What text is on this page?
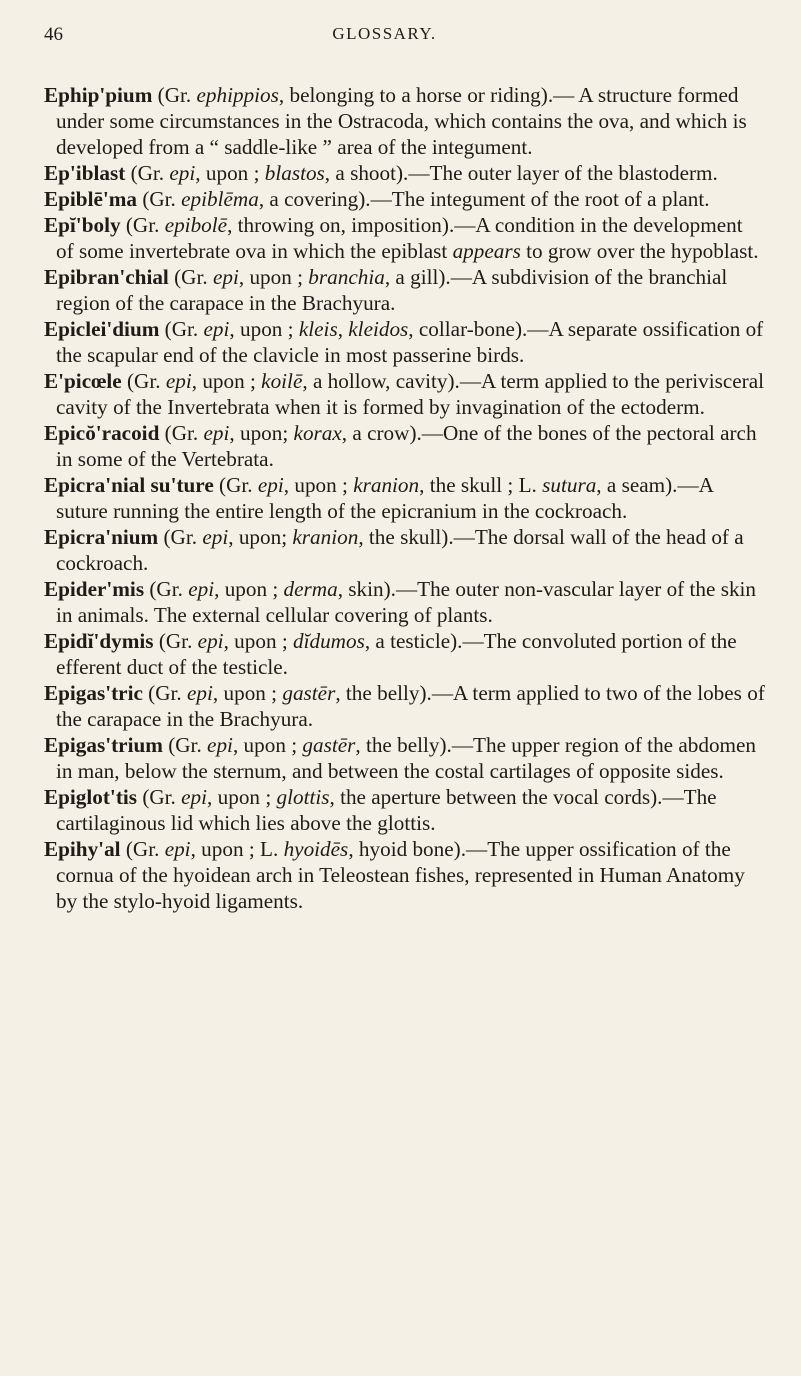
46	GLOSSARY.

Ephip'pium (Gr. ephippios, belonging to a horse or riding).— A structure formed under some circumstances in the Ostracoda, which contains the ova, and which is developed from a “ saddle-like ” area of the integument.

Ep'iblast (Gr. epi, upon ; blastos, a shoot).—The outer layer of the blastoderm.

Epiblē'ma (Gr. epiblēma, a covering).—The integument of the root of a plant.

Epĭ'boly (Gr. epibolē, throwing on, imposition).—A condition in the development of some invertebrate ova in which the epiblast appears to grow over the hypoblast.

Epibran'chial (Gr. epi, upon ; branchia, a gill).—A subdivision of the branchial region of the carapace in the Brachyura.

Epiclei'dium (Gr. epi, upon ; kleis, kleidos, collar-bone).—A separate ossification of the scapular end of the clavicle in most passerine birds.

E'picœle (Gr. epi, upon ; koilē, a hollow, cavity).—A term applied to the perivisceral cavity of the Invertebrata when it is formed by invagination of the ectoderm.

Epicŏ'racoid (Gr. epi, upon; korax, a crow).—One of the bones of the pectoral arch in some of the Vertebrata.

Epicra'nial su'ture (Gr. epi, upon ; kranion, the skull ; L. sutura, a seam).—A suture running the entire length of the epicranium in the cockroach.

Epicra'nium (Gr. epi, upon; kranion, the skull).—The dorsal wall of the head of a cockroach.

Epider'mis (Gr. epi, upon ; derma, skin).—The outer non-vascular layer of the skin in animals. The external cellular covering of plants.

Epidĭ'dymis (Gr. epi, upon ; dĭdumos, a testicle).—The convoluted portion of the efferent duct of the testicle.

Epigas'tric (Gr. epi, upon ; gastēr, the belly).—A term applied to two of the lobes of the carapace in the Brachyura.

Epigas'trium (Gr. epi, upon ; gastēr, the belly).—The upper region of the abdomen in man, below the sternum, and between the costal cartilages of opposite sides.

Epiglot'tis (Gr. epi, upon ; glottis, the aperture between the vocal cords).—The cartilaginous lid which lies above the glottis.

Epihy'al (Gr. epi, upon ; L. hyoidēs, hyoid bone).—The upper ossification of the cornua of the hyoidean arch in Teleostean fishes, represented in Human Anatomy by the stylo-hyoid ligaments.
